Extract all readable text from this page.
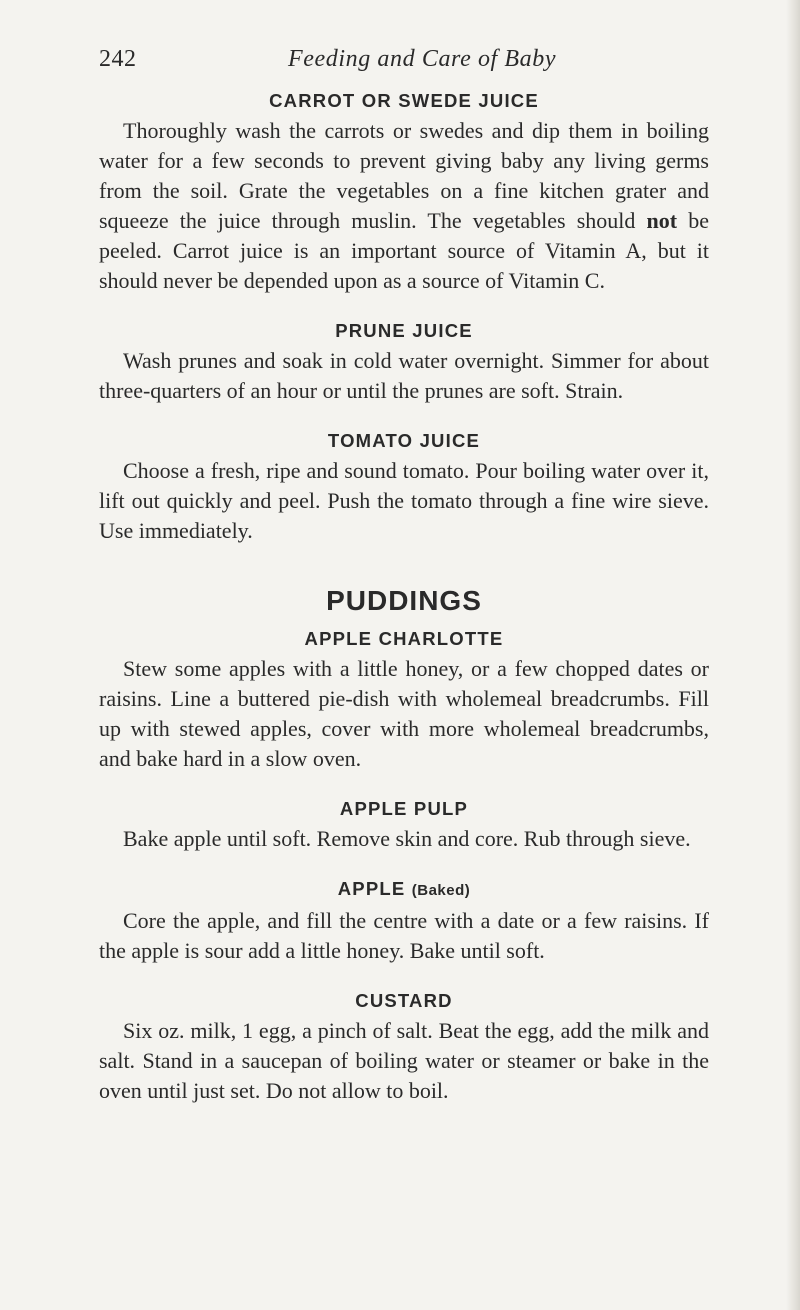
242	Feeding and Care of Baby
CARROT OR SWEDE JUICE

Thoroughly wash the carrots or swedes and dip them in boiling water for a few seconds to prevent giving baby any living germs from the soil. Grate the vegetables on a fine kitchen grater and squeeze the juice through muslin. The vegetables should not be peeled. Carrot juice is an important source of Vitamin A, but it should never be depended upon as a source of Vitamin C.

PRUNE JUICE

Wash prunes and soak in cold water overnight. Simmer for about three-quarters of an hour or until the prunes are soft. Strain.

TOMATO JUICE

Choose a fresh, ripe and sound tomato. Pour boiling water over it, lift out quickly and peel. Push the tomato through a fine wire sieve. Use immediately.

PUDDINGS
APPLE CHARLOTTE

Stew some apples with a little honey, or a few chopped dates or raisins. Line a buttered pie-dish with wholemeal breadcrumbs. Fill up with stewed apples, cover with more wholemeal breadcrumbs, and bake hard in a slow oven.

APPLE PULP

Bake apple until soft. Remove skin and core. Rub through sieve.

APPLE (Baked)

Core the apple, and fill the centre with a date or a few raisins. If the apple is sour add a little honey. Bake until soft.

CUSTARD

Six oz. milk, 1 egg, a pinch of salt. Beat the egg, add the milk and salt. Stand in a saucepan of boiling water or steamer or bake in the oven until just set. Do not allow to boil.
